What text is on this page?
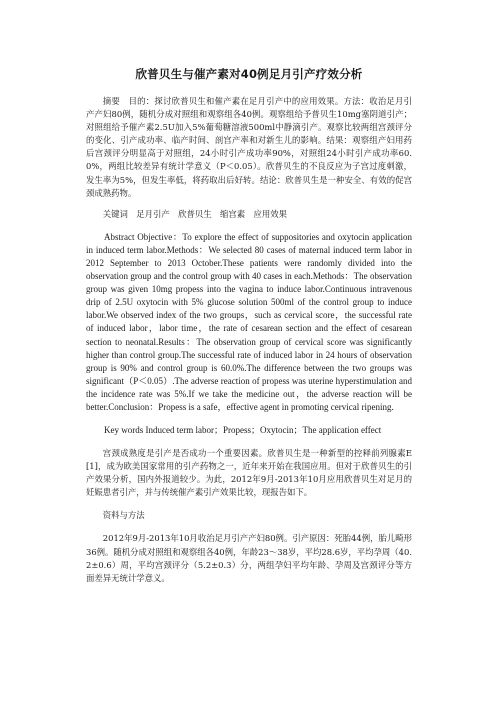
欣普贝生与催产素对40例足月引产疗效分析

摘要　目的：探讨欣普贝生和催产素在足月引产中的应用效果。方法：收治足月引产产妇80例，随机分成对照组和观察组各40例。观察组给予普贝生10mg塞阴道引产；对照组给予催产素2.5U加入5%葡萄糖溶液500ml中静滴引产。观察比较两组宫颈评分的变化、引产成功率、临产时间、剖宫产率和对新生儿的影响。结果：观察组产妇用药后宫颈评分明显高于对照组，24小时引产成功率90%，对照组24小时引产成功率60.0%，两组比较差异有统计学意义（P＜0.05）。欣普贝生的不良反应为子宫过度刺激，发生率为5%，但发生率低，将药取出后好转。结论：欣普贝生是一种安全、有效的促宫颈成熟药物。

关键词　足月引产　欣普贝生　缩宫素　应用效果

Abstract Objective：To explore the effect of suppositories and oxytocin application in induced term labor.Methods：We selected 80 cases of maternal induced term labor in 2012 September to 2013 October.These patients were randomly divided into the observation group and the control group with 40 cases in each.Methods：The observation group was given 10mg propess into the vagina to induce labor.Continuous intravenous drip of 2.5U oxytocin with 5% glucose solution 500ml of the control group to induce labor.We observed index of the two groups，such as cervical score，the successful rate of induced labor，labor time，the rate of cesarean section and the effect of cesarean section to neonatal.Results：The observation group of cervical score was significantly higher than control group.The successful rate of induced labor in 24 hours of observation group is 90% and control group is 60.0%.The difference between the two groups was significant（P＜0.05）.The adverse reaction of propess was uterine hyperstimulation and the incidence rate was 5%.If we take the medicine out，the adverse reaction will be better.Conclusion：Propess is a safe，effective agent in promoting cervical ripening.

Key words Induced term labor；Propess；Oxytocin；The application effect

宫颈成熟度是引产是否成功一个重要因素。欣普贝生是一种新型的控释前列腺素E[1]，成为欧美国家常用的引产药物之一，近年来开始在我国应用。但对于欣普贝生的引产效果分析，国内外报道较少。为此，2012年9月-2013年10月应用欣普贝生对足月的妊娠患者引产，并与传统催产素引产效果比较，现报告如下。

资料与方法

2012年9月-2013年10月收治足月引产产妇80例。引产原因：死胎44例，胎儿畸形36例。随机分成对照组和观察组各40例，年龄23～38岁，平均28.6岁，平均孕周（40.2±0.6）周，平均宫颈评分（5.2±0.3）分，两组孕妇平均年龄、孕周及宫颈评分等方面差异无统计学意义。
